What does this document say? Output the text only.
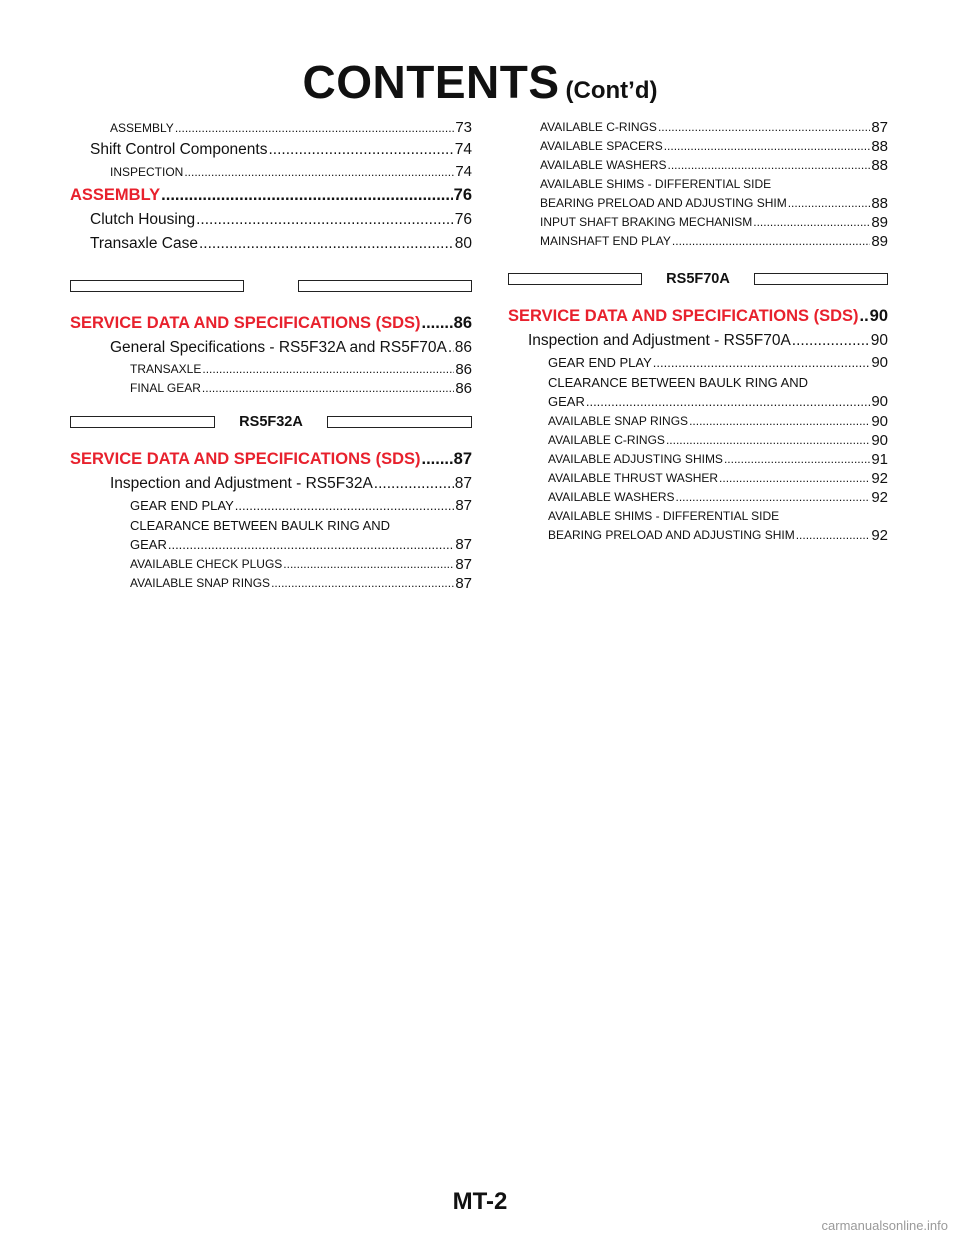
CONTENTS (Cont’d)
ASSEMBLY .....	73
Shift Control Components .....	74
INSPECTION .....	74
ASSEMBLY .....	76
Clutch Housing .....	76
Transaxle Case .....	80
SERVICE DATA AND SPECIFICATIONS (SDS) ..... 86
General Specifications - RS5F32A and RS5F70A ..... 86
TRANSAXLE .....	86
FINAL GEAR .....	86
RS5F32A
SERVICE DATA AND SPECIFICATIONS (SDS) ..... 87
Inspection and Adjustment - RS5F32A .....	87
GEAR END PLAY .....	87
CLEARANCE BETWEEN BAULK RING AND
GEAR .....	87
AVAILABLE CHECK PLUGS .....	87
AVAILABLE SNAP RINGS .....	87
AVAILABLE C-RINGS .....	87
AVAILABLE SPACERS .....	88
AVAILABLE WASHERS .....	88
AVAILABLE SHIMS - DIFFERENTIAL SIDE
BEARING PRELOAD AND ADJUSTING SHIM .....	88
INPUT SHAFT BRAKING MECHANISM .....	89
MAINSHAFT END PLAY .....	89
RS5F70A
SERVICE DATA AND SPECIFICATIONS (SDS) ..... 90
Inspection and Adjustment - RS5F70A .....	90
GEAR END PLAY .....	90
CLEARANCE BETWEEN BAULK RING AND
GEAR .....	90
AVAILABLE SNAP RINGS .....	90
AVAILABLE C-RINGS .....	90
AVAILABLE ADJUSTING SHIMS .....	91
AVAILABLE THRUST WASHER .....	92
AVAILABLE WASHERS .....	92
AVAILABLE SHIMS - DIFFERENTIAL SIDE
BEARING PRELOAD AND ADJUSTING SHIM .....	92
MT-2
carmanualsonline.info
